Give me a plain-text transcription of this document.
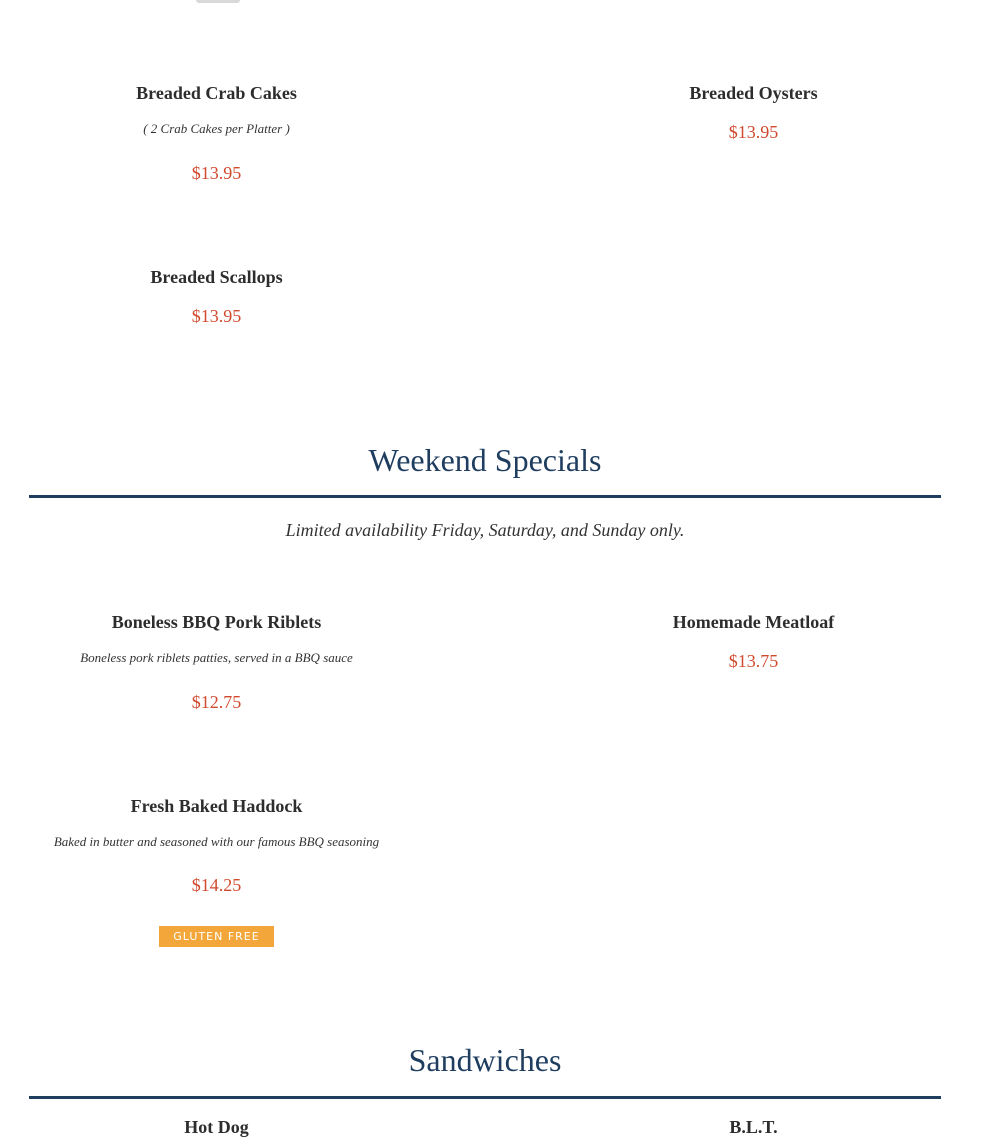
Breaded Crab Cakes
( 2 Crab Cakes per Platter )
$13.95
Breaded Oysters
$13.95
Breaded Scallops
$13.95
Weekend Specials
Limited availability Friday, Saturday, and Sunday only.
Boneless BBQ Pork Riblets
Boneless pork riblets patties, served in a BBQ sauce
$12.75
Homemade Meatloaf
$13.75
Fresh Baked Haddock
Baked in butter and seasoned with our famous BBQ seasoning
$14.25
GLUTEN FREE
Sandwiches
Hot Dog	B.L.T.
